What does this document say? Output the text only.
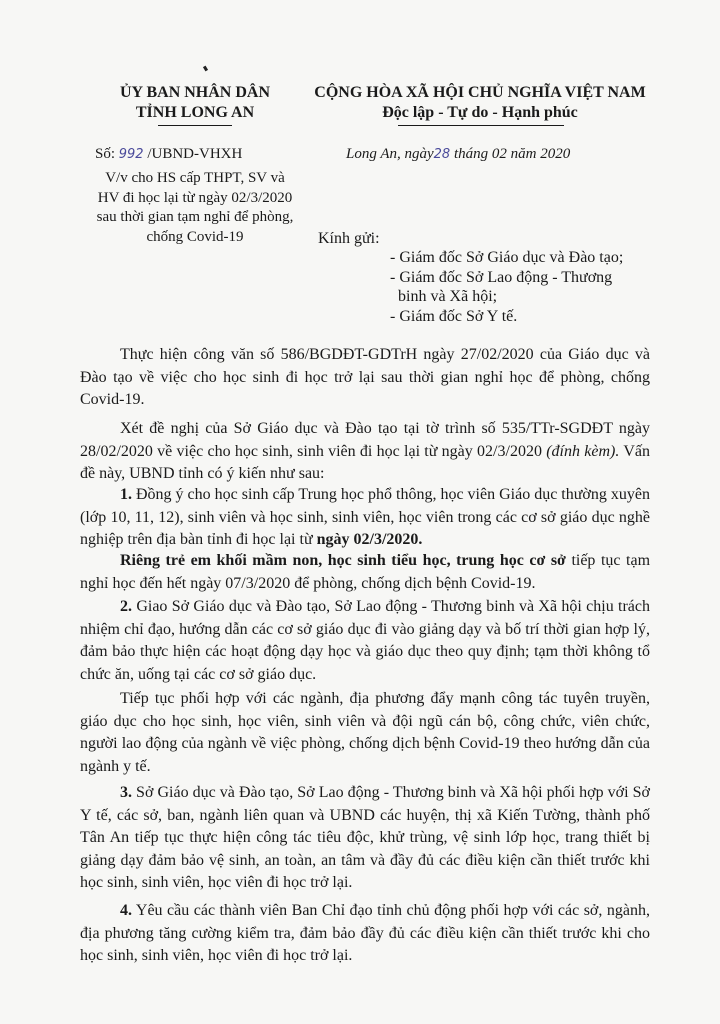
ỦY BAN NHÂN DÂN
TỈNH LONG AN
Số: 992 /UBND-VHXH
V/v cho HS cấp THPT, SV và
HV đi học lại từ ngày 02/3/2020
sau thời gian tạm nghỉ để phòng,
chống Covid-19
CỘNG HÒA XÃ HỘI CHỦ NGHĨA VIỆT NAM
Độc lập - Tự do - Hạnh phúc
Long An, ngày28 tháng 02 năm 2020
Kính gửi:
- Giám đốc Sở Giáo dục và Đào tạo;
- Giám đốc Sở Lao động - Thương
binh và Xã hội;
- Giám đốc Sở Y tế.
Thực hiện công văn số 586/BGDĐT-GDTrH ngày 27/02/2020 của Giáo dục và Đào tạo về việc cho học sinh đi học trở lại sau thời gian nghỉ học để phòng, chống Covid-19.
Xét đề nghị của Sở Giáo dục và Đào tạo tại tờ trình số 535/TTr-SGDĐT ngày 28/02/2020 về việc cho học sinh, sinh viên đi học lại từ ngày 02/3/2020 (đính kèm). Vấn đề này, UBND tỉnh có ý kiến như sau:
1. Đồng ý cho học sinh cấp Trung học phổ thông, học viên Giáo dục thường xuyên (lớp 10, 11, 12), sinh viên và học sinh, sinh viên, học viên trong các cơ sở giáo dục nghề nghiệp trên địa bàn tỉnh đi học lại từ ngày 02/3/2020.
Riêng trẻ em khối mầm non, học sinh tiểu học, trung học cơ sở tiếp tục tạm nghỉ học đến hết ngày 07/3/2020 để phòng, chống dịch bệnh Covid-19.
2. Giao Sở Giáo dục và Đào tạo, Sở Lao động - Thương binh và Xã hội chịu trách nhiệm chỉ đạo, hướng dẫn các cơ sở giáo dục đi vào giảng dạy và bố trí thời gian hợp lý, đảm bảo thực hiện các hoạt động dạy học và giáo dục theo quy định; tạm thời không tổ chức ăn, uống tại các cơ sở giáo dục.
Tiếp tục phối hợp với các ngành, địa phương đẩy mạnh công tác tuyên truyền, giáo dục cho học sinh, học viên, sinh viên và đội ngũ cán bộ, công chức, viên chức, người lao động của ngành về việc phòng, chống dịch bệnh Covid-19 theo hướng dẫn của ngành y tế.
3. Sở Giáo dục và Đào tạo, Sở Lao động - Thương binh và Xã hội phối hợp với Sở Y tế, các sở, ban, ngành liên quan và UBND các huyện, thị xã Kiến Tường, thành phố Tân An tiếp tục thực hiện công tác tiêu độc, khử trùng, vệ sinh lớp học, trang thiết bị giảng dạy đảm bảo vệ sinh, an toàn, an tâm và đầy đủ các điều kiện cần thiết trước khi học sinh, sinh viên, học viên đi học trở lại.
4. Yêu cầu các thành viên Ban Chỉ đạo tỉnh chủ động phối hợp với các sở, ngành, địa phương tăng cường kiểm tra, đảm bảo đầy đủ các điều kiện cần thiết trước khi cho học sinh, sinh viên, học viên đi học trở lại.
